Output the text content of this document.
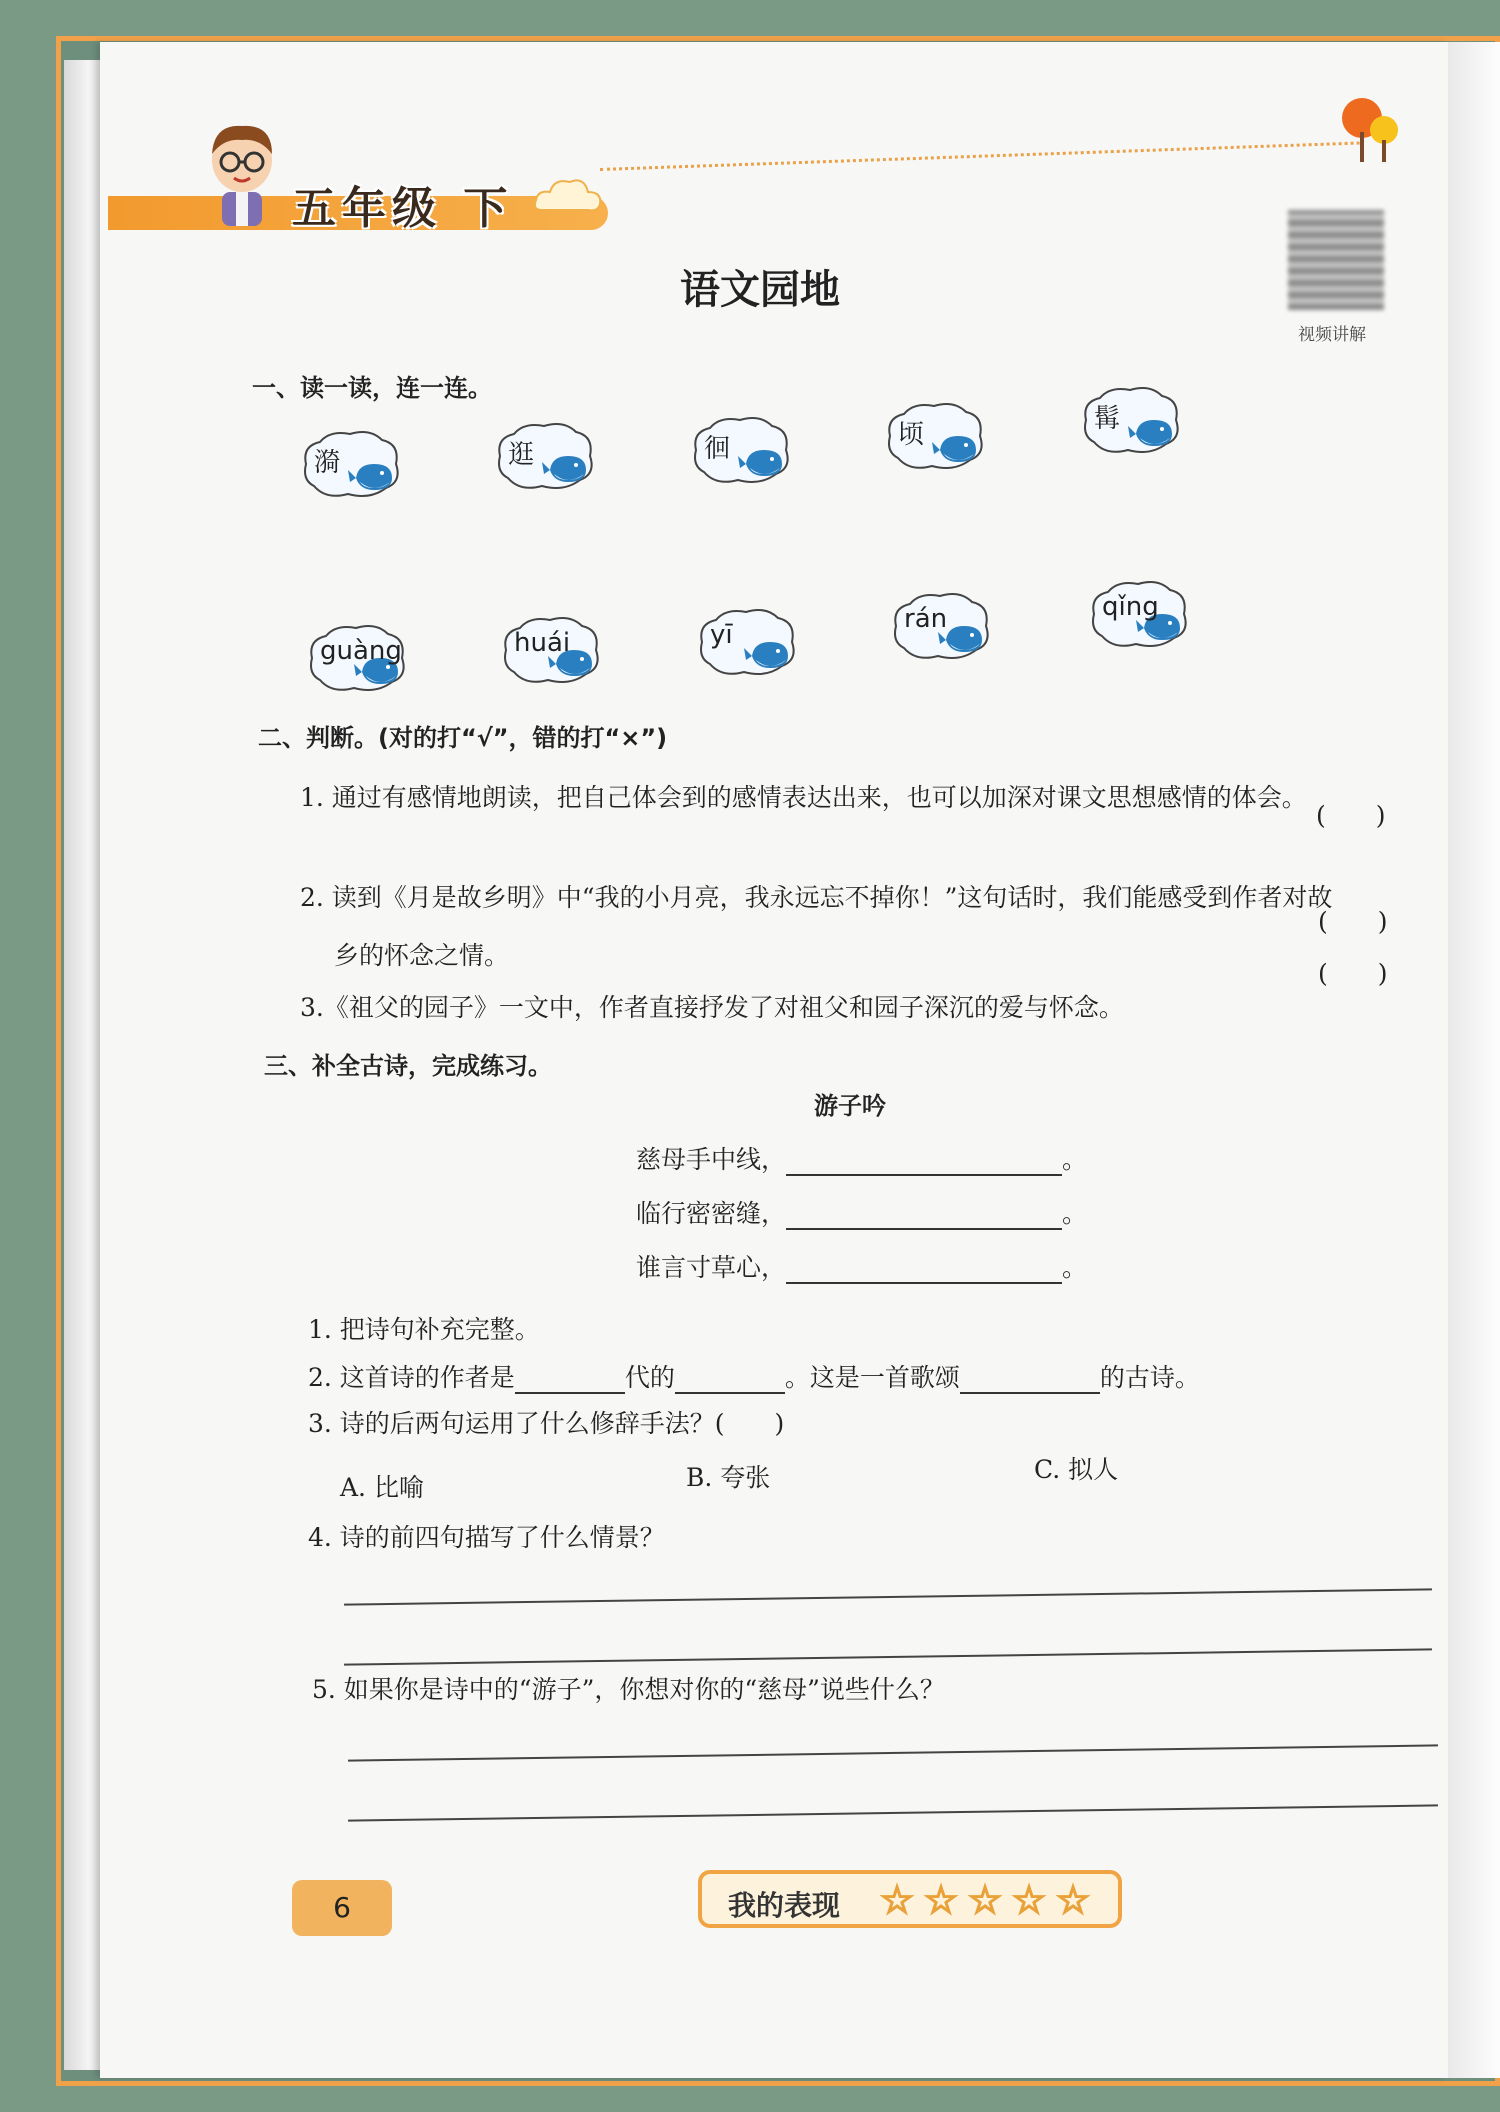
五年级 下
视频讲解
语文园地
一、读一读，连一连。
二、判断。(对的打“√”，错的打“×”)
1. 通过有感情地朗读，把自己体会到的感情表达出来，也可以加深对课文思想感情的体会。
(　　)
2. 读到《月是故乡明》中“我的小月亮，我永远忘不掉你！”这句话时，我们能感受到作者对故
乡的怀念之情。
(　　)
3.《祖父的园子》一文中，作者直接抒发了对祖父和园子深沉的爱与怀念。
(　　)
三、补全古诗，完成练习。
游子吟
慈母手中线，	。
临行密密缝，	。
谁言寸草心，	。
1. 把诗句补充完整。
2. 这首诗的作者是	代的	。这是一首歌颂	的古诗。
3. 诗的后两句运用了什么修辞手法？(　　)
A. 比喻	B. 夸张	C. 拟人
4. 诗的前四句描写了什么情景？
5. 如果你是诗中的“游子”，你想对你的“慈母”说些什么？
6	我的表现 ☆ ☆ ☆ ☆ ☆
漪	逛	徊	顷
髯
guàng	huái	yī
rán	qǐng
